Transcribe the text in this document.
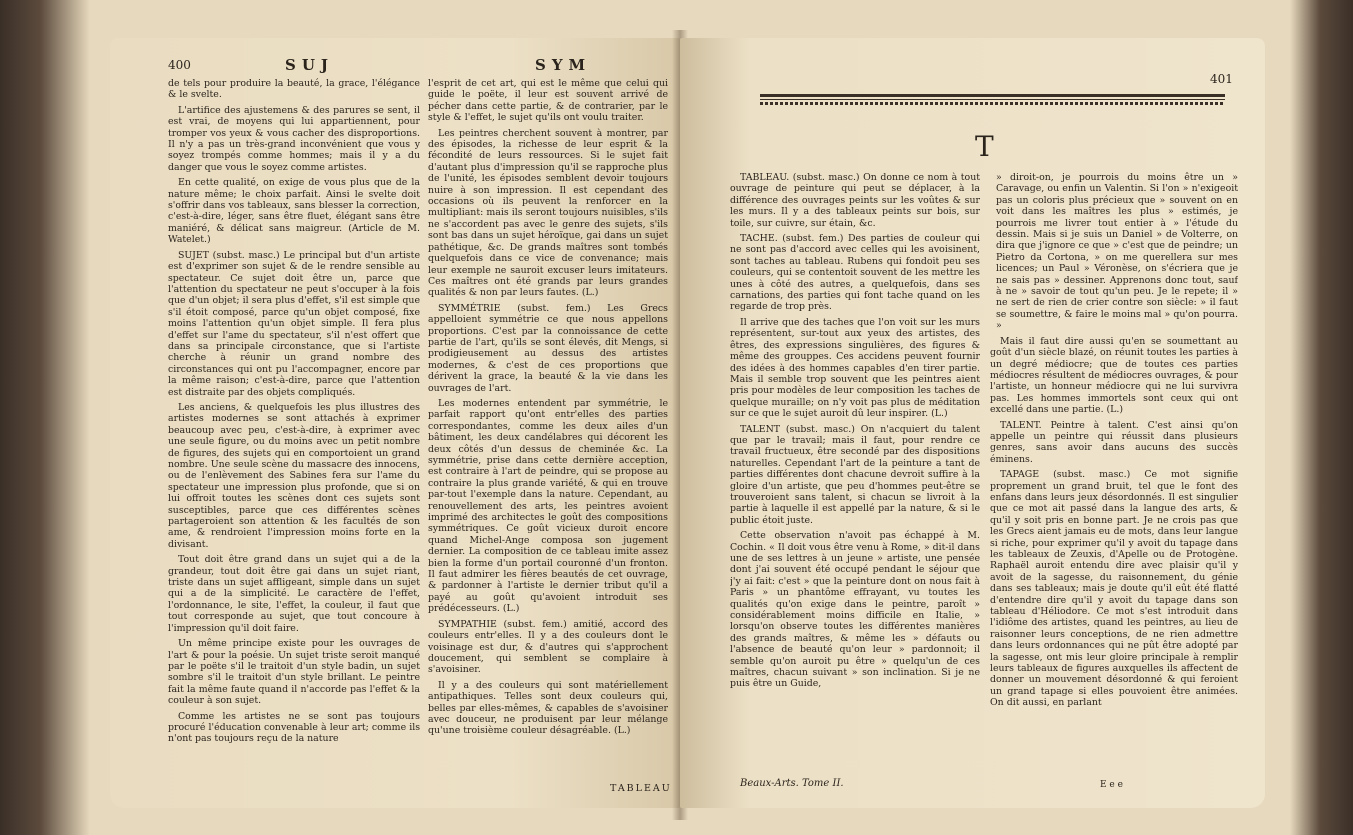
400	SUJ	SYM

de tels pour produire la beauté, la grace, l'élégance & le svelte.

L'artifice des ajustemens & des parures se sent, il est vrai, de moyens qui lui appartiennent, pour tromper vos yeux & vous cacher des disproportions. Il n'y a pas un très-grand inconvénient que vous y soyez trompés comme hommes; mais il y a du danger que vous le soyez comme artistes.

En cette qualité, on exige de vous plus que de la nature même; le choix parfait. Ainsi le svelte doit s'offrir dans vos tableaux, sans blesser la correction, c'est-à-dire, léger, sans être fluet, élégant sans être maniéré, & délicat sans maigreur. (Article de M. Watelet.)

SUJET (subst. masc.) Le principal but d'un artiste est d'exprimer son sujet & de le rendre sensible au spectateur. Ce sujet doit être un, parce que l'attention du spectateur ne peut s'occuper à la fois que d'un objet; il sera plus d'effet, s'il est simple que s'il étoit composé, parce qu'un objet composé, fixe moins l'attention qu'un objet simple. Il fera plus d'effet sur l'ame du spectateur, s'il n'est offert que dans sa principale circonstance, que si l'artiste cherche à réunir un grand nombre des circonstances qui ont pu l'accompagner, encore par la même raison; c'est-à-dire, parce que l'attention est distraite par des objets compliqués.

Les anciens, & quelquefois les plus illustres des artistes modernes se sont attachés à exprimer beaucoup avec peu, c'est-à-dire, à exprimer avec une seule figure, ou du moins avec un petit nombre de figures, des sujets qui en comportoient un grand nombre. Une seule scène du massacre des innocens, ou de l'enlèvement des Sabines fera sur l'ame du spectateur une impression plus profonde, que si on lui offroit toutes les scènes dont ces sujets sont susceptibles, parce que ces différentes scènes partageroient son attention & les facultés de son ame, & rendroient l'impression moins forte en la divisant.

Tout doit être grand dans un sujet qui a de la grandeur, tout doit être gai dans un sujet riant, triste dans un sujet affligeant, simple dans un sujet qui a de la simplicité. Le caractère de l'effet, l'ordonnance, le site, l'effet, la couleur, il faut que tout corresponde au sujet, que tout concoure à l'impression qu'il doit faire.

Un même principe existe pour les ouvrages de l'art & pour la poésie. Un sujet triste seroit manqué par le poëte s'il le traitoit d'un style badin, un sujet sombre s'il le traitoit d'un style brillant. Le peintre fait la même faute quand il n'accorde pas l'effet & la couleur à son sujet.

Comme les artistes ne se sont pas toujours procuré l'éducation convenable à leur art; comme ils n'ont pas toujours reçu de la nature

l'esprit de cet art, qui est le même que celui qui guide le poëte, il leur est souvent arrivé de pécher dans cette partie, & de contrarier, par le style & l'effet, le sujet qu'ils ont voulu traiter.

Les peintres cherchent souvent à montrer, par des épisodes, la richesse de leur esprit & la fécondité de leurs ressources. Si le sujet fait d'autant plus d'impression qu'il se rapproche plus de l'unité, les épisodes semblent devoir toujours nuire à son impression. Il est cependant des occasions où ils peuvent la renforcer en la multipliant: mais ils seront toujours nuisibles, s'ils ne s'accordent pas avec le genre des sujets, s'ils sont bas dans un sujet héroïque, gai dans un sujet pathétique, &c. De grands maîtres sont tombés quelquefois dans ce vice de convenance; mais leur exemple ne sauroit excuser leurs imitateurs. Ces maîtres ont été grands par leurs grandes qualités & non par leurs fautes. (L.)

SYMMÉTRIE (subst. fem.) Les Grecs appelloient symmétrie ce que nous appellons proportions. C'est par la connoissance de cette partie de l'art, qu'ils se sont élevés, dit Mengs, si prodigieusement au dessus des artistes modernes, & c'est de ces proportions que dérivent la grace, la beauté & la vie dans les ouvrages de l'art.

Les modernes entendent par symmétrie, le parfait rapport qu'ont entr'elles des parties correspondantes, comme les deux ailes d'un bâtiment, les deux candélabres qui décorent les deux côtés d'un dessus de cheminée &c. La symmétrie, prise dans cette dernière acception, est contraire à l'art de peindre, qui se propose au contraire la plus grande variété, & qui en trouve par-tout l'exemple dans la nature. Cependant, au renouvellement des arts, les peintres avoient imprimé des architectes le goût des compositions symmétriques. Ce goût vicieux duroit encore quand Michel-Ange composa son jugement dernier. La composition de ce tableau imite assez bien la forme d'un portail couronné d'un fronton. Il faut admirer les fières beautés de cet ouvrage, & pardonner à l'artiste le dernier tribut qu'il a payé au goût qu'avoient introduit ses prédécesseurs. (L.)

SYMPATHIE (subst. fem.) amitié, accord des couleurs entr'elles. Il y a des couleurs dont le voisinage est dur, & d'autres qui s'approchent doucement, qui semblent se complaire à s'avoisiner.

Il y a des couleurs qui sont matériellement antipathiques. Telles sont deux couleurs qui, belles par elles-mêmes, & capables de s'avoisiner avec douceur, ne produisent par leur mélange qu'une troisième couleur désagréable. (L.)

TABLEAU
401
T

TABLEAU. (subst. masc.) On donne ce nom à tout ouvrage de peinture qui peut se déplacer, à la différence des ouvrages peints sur les voûtes & sur les murs. Il y a des tableaux peints sur bois, sur toile, sur cuivre, sur étain, &c.

TACHE. (subst. fem.) Des parties de couleur qui ne sont pas d'accord avec celles qui les avoisinent, sont taches au tableau. Rubens qui fondoit peu ses couleurs, qui se contentoit souvent de les mettre les unes à côté des autres, a quelquefois, dans ses carnations, des parties qui font tache quand on les regarde de trop près.

Il arrive que des taches que l'on voit sur les murs représentent, sur-tout aux yeux des artistes, des êtres, des expressions singulières, des figures & même des grouppes. Ces accidens peuvent fournir des idées à des hommes capables d'en tirer partie. Mais il semble trop souvent que les peintres aient pris pour modèles de leur composition les taches de quelque muraille; on n'y voit pas plus de méditation sur ce que le sujet auroit dû leur inspirer. (L.)

TALENT (subst. masc.) On n'acquiert du talent que par le travail; mais il faut, pour rendre ce travail fructueux, être secondé par des dispositions naturelles. Cependant l'art de la peinture a tant de parties différentes dont chacune devroit suffire à la gloire d'un artiste, que peu d'hommes peut-être se trouveroient sans talent, si chacun se livroit à la partie à laquelle il est appellé par la nature, & si le public étoit juste.

Cette observation n'avoit pas échappé à M. Cochin. « Il doit vous être venu à Rome, » dit-il dans une de ses lettres à un jeune » artiste, une pensée dont j'ai souvent été occupé pendant le séjour que j'y ai fait: c'est » que la peinture dont on nous fait à Paris » un phantôme effrayant, vu toutes les qualités qu'on exige dans le peintre, paroît » considérablement moins difficile en Italie, » lorsqu'on observe toutes les différentes manières des grands maîtres, & même les » défauts ou l'absence de beauté qu'on leur » pardonnoit; il semble qu'on auroit pu être » quelqu'un de ces maîtres, chacun suivant » son inclination. Si je ne puis être un Guide,

» diroit-on, je pourrois du moins être un » Caravage, ou enfin un Valentin. Si l'on » n'exigeoit pas un coloris plus précieux que » souvent on en voit dans les maîtres les plus » estimés, je pourrois me livrer tout entier à » l'étude du dessin. Mais si je suis un Daniel » de Volterre, on dira que j'ignore ce que » c'est que de peindre; un Pietro da Cortona, » on me querellera sur mes licences; un Paul » Véronèse, on s'écriera que je ne sais pas » dessiner. Apprenons donc tout, sauf à ne » savoir de tout qu'un peu. Je le repete; il » ne sert de rien de crier contre son siècle: » il faut se soumettre, & faire le moins mal » qu'on pourra. »

Mais il faut dire aussi qu'en se soumettant au goût d'un siècle blazé, on réunit toutes les parties à un degré médiocre; que de toutes ces parties médiocres résultent de médiocres ouvrages, & pour l'artiste, un honneur médiocre qui ne lui survivra pas. Les hommes immortels sont ceux qui ont excellé dans une partie. (L.)

TALENT. Peintre à talent. C'est ainsi qu'on appelle un peintre qui réussit dans plusieurs genres, sans avoir dans aucuns des succès éminens.

TAPAGE (subst. masc.) Ce mot signifie proprement un grand bruit, tel que le font des enfans dans leurs jeux désordonnés. Il est singulier que ce mot ait passé dans la langue des arts, & qu'il y soit pris en bonne part. Je ne crois pas que les Grecs aient jamais eu de mots, dans leur langue si riche, pour exprimer qu'il y avoit du tapage dans les tableaux de Zeuxis, d'Apelle ou de Protogène. Raphaël auroit entendu dire avec plaisir qu'il y avoit de la sagesse, du raisonnement, du génie dans ses tableaux; mais je doute qu'il eût été flatté d'entendre dire qu'il y avoit du tapage dans son tableau d'Héliodore. Ce mot s'est introduit dans l'idiôme des artistes, quand les peintres, au lieu de raisonner leurs conceptions, de ne rien admettre dans leurs ordonnances qui ne pût être adopté par la sagesse, ont mis leur gloire principale à remplir leurs tableaux de figures auxquelles ils affectent de donner un mouvement désordonné & qui feroient un grand tapage si elles pouvoient être animées. On dit aussi, en parlant

Beaux-Arts. Tome II.	E e e
